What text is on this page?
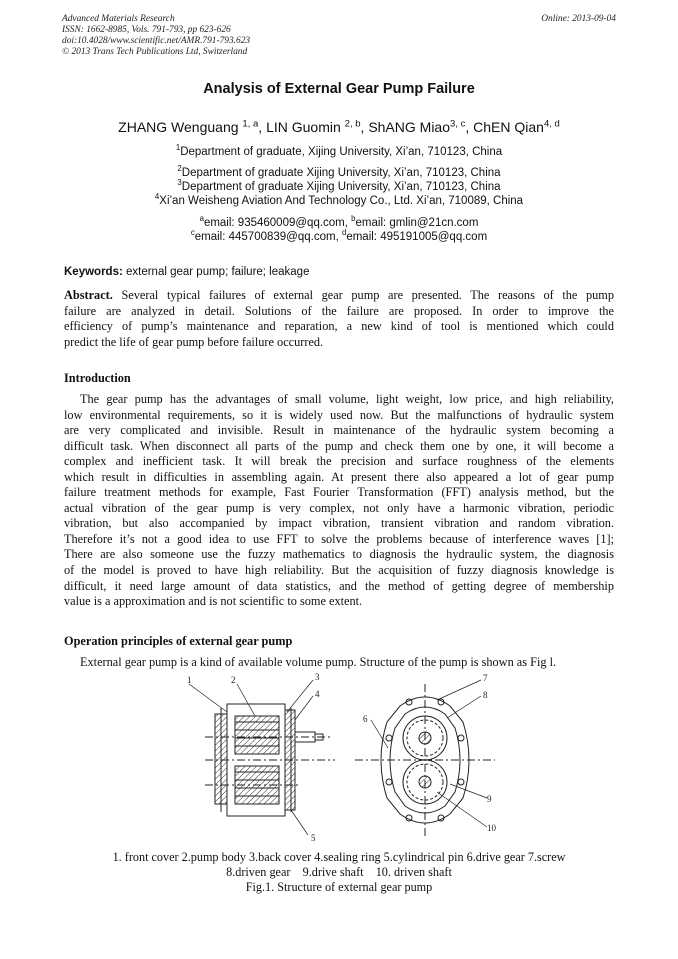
Advanced Materials Research
ISSN: 1662-8985, Vols. 791-793, pp 623-626
doi:10.4028/www.scientific.net/AMR.791-793.623
© 2013 Trans Tech Publications Ltd, Switzerland
Online: 2013-09-04
Analysis of External Gear Pump Failure
ZHANG Wenguang $^{1, a}$, LIN Guomin $^{2, b}$, ShANG Miao$^{3, c}$, ChEN Qian$^{4, d}$
$^1$Department of graduate, Xijing University, Xi’an, 710123, China
$^2$Department of graduate Xijing University, Xi’an, 710123, China
$^3$Department of graduate Xijing University, Xi’an, 710123, China
$^4$Xi’an Weisheng Aviation And Technology Co., Ltd. Xi’an, 710089, China
$^a$email: 935460009@qq.com, $^b$email: gmlin@21cn.com
$^c$email: 445700839@qq.com, $^d$email: 495191005@qq.com
Keywords: external gear pump; failure; leakage
Abstract. Several typical failures of external gear pump are presented. The reasons of the pump
failure are analyzed in detail. Solutions of the failure are proposed. In order to improve the
efficiency of pump’s maintenance and reparation, a new kind of tool is mentioned which could
predict the life of gear pump before failure occurred.
Introduction
The gear pump has the advantages of small volume, light weight, low price, and high reliability,
low environmental requirements, so it is widely used now. But the malfunctions of hydraulic system
are very complicated and invisible. Result in maintenance of the hydraulic system becoming a
difficult task. When disconnect all parts of the pump and check them one by one, it will become a
complex and inefficient task. It will break the precision and surface roughness of the elements
which result in difficulties in assembling again. At present there also appeared a lot of gear pump
failure treatment methods for example, Fast Fourier Transformation (FFT) analysis method, but the
actual vibration of the gear pump is very complex, not only have a harmonic vibration, periodic
vibration, but also accompanied by impact vibration, transient vibration and random vibration.
Therefore it’s not a good idea to use FFT to solve the problems because of interference waves [1];
There are also someone use the fuzzy mathematics to diagnosis the hydraulic system, the diagnosis
of the model is proved to have high reliability. But the acquisition of fuzzy diagnosis knowledge is
difficult, it need large amount of data statistics, and the method of getting degree of membership
value is a approximation and is not scientific to some extent.
Operation principles of external gear pump
External gear pump is a kind of available volume pump. Structure of the pump is shown as Fig l.
1	2	3
4
5
6
7
8
9
10
1. front cover 2.pump body 3.back cover 4.sealing ring 5.cylindrical pin 6.drive gear 7.screw
8.driven gear    9.drive shaft    10. driven shaft
Fig.1. Structure of external gear pump
